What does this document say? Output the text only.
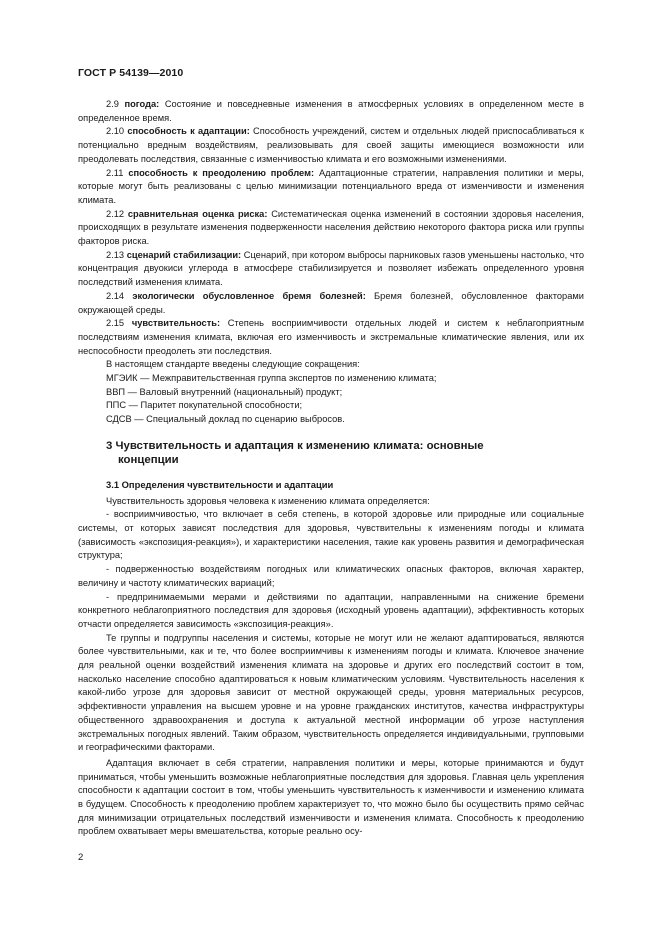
ГОСТ Р 54139—2010

2.9 погода: Состояние и повседневные изменения в атмосферных условиях в определенном месте в определенное время.

2.10 способность к адаптации: Способность учреждений, систем и отдельных людей приспосабливаться к потенциально вредным воздействиям, реализовывать для своей защиты имеющиеся возможности или преодолевать последствия, связанные с изменчивостью климата и его возможными изменениями.

2.11 способность к преодолению проблем: Адаптационные стратегии, направления политики и меры, которые могут быть реализованы с целью минимизации потенциального вреда от изменчивости и изменения климата.

2.12 сравнительная оценка риска: Систематическая оценка изменений в состоянии здоровья населения, происходящих в результате изменения подверженности населения действию некоторого фактора риска или группы факторов риска.

2.13 сценарий стабилизации: Сценарий, при котором выбросы парниковых газов уменьшены настолько, что концентрация двуокиси углерода в атмосфере стабилизируется и позволяет избежать определенного уровня последствий изменения климата.

2.14 экологически обусловленное бремя болезней: Бремя болезней, обусловленное факторами окружающей среды.

2.15 чувствительность: Степень восприимчивости отдельных людей и систем к неблагоприятным последствиям изменения климата, включая его изменчивость и экстремальные климатические явления, или их неспособности преодолеть эти последствия.

В настоящем стандарте введены следующие сокращения:

МГЭИК — Межправительственная группа экспертов по изменению климата;

ВВП — Валовый внутренний (национальный) продукт;

ППС — Паритет покупательной способности;

СДСВ — Специальный доклад по сценарию выбросов.

3 Чувствительность и адаптация к изменению климата: основные
концепции
3.1 Определения чувствительности и адаптации

Чувствительность здоровья человека к изменению климата определяется:

- восприимчивостью, что включает в себя степень, в которой здоровье или природные или социальные системы, от которых зависят последствия для здоровья, чувствительны к изменениям погоды и климата (зависимость «экспозиция-реакция»), и характеристики населения, такие как уровень развития и демографическая структура;

- подверженностью воздействиям погодных или климатических опасных факторов, включая характер, величину и частоту климатических вариаций;

- предпринимаемыми мерами и действиями по адаптации, направленными на снижение бремени конкретного неблагоприятного последствия для здоровья (исходный уровень адаптации), эффективность которых отчасти определяется зависимость «экспозиция-реакция».

Те группы и подгруппы населения и системы, которые не могут или не желают адаптироваться, являются более чувствительными, как и те, что более восприимчивы к изменениям погоды и климата. Ключевое значение для реальной оценки воздействий изменения климата на здоровье и других его последствий состоит в том, насколько население способно адаптироваться к новым климатическим условиям. Чувствительность населения к какой-либо угрозе для здоровья зависит от местной окружающей среды, уровня материальных ресурсов, эффективности управления на высшем уровне и на уровне гражданских институтов, качества инфраструктуры общественного здравоохранения и доступа к актуальной местной информации об угрозе наступления экстремальных погодных явлений. Таким образом, чувствительность определяется индивидуальными, групповыми и географическими факторами.

Адаптация включает в себя стратегии, направления политики и меры, которые принимаются и будут приниматься, чтобы уменьшить возможные неблагоприятные последствия для здоровья. Главная цель укрепления способности к адаптации состоит в том, чтобы уменьшить чувствительность к изменчивости и изменению климата в будущем. Способность к преодолению проблем характеризует то, что можно было бы осуществить прямо сейчас для минимизации отрицательных последствий изменчивости и изменения климата. Способность к преодолению проблем охватывает меры вмешательства, которые реально осу-

2
